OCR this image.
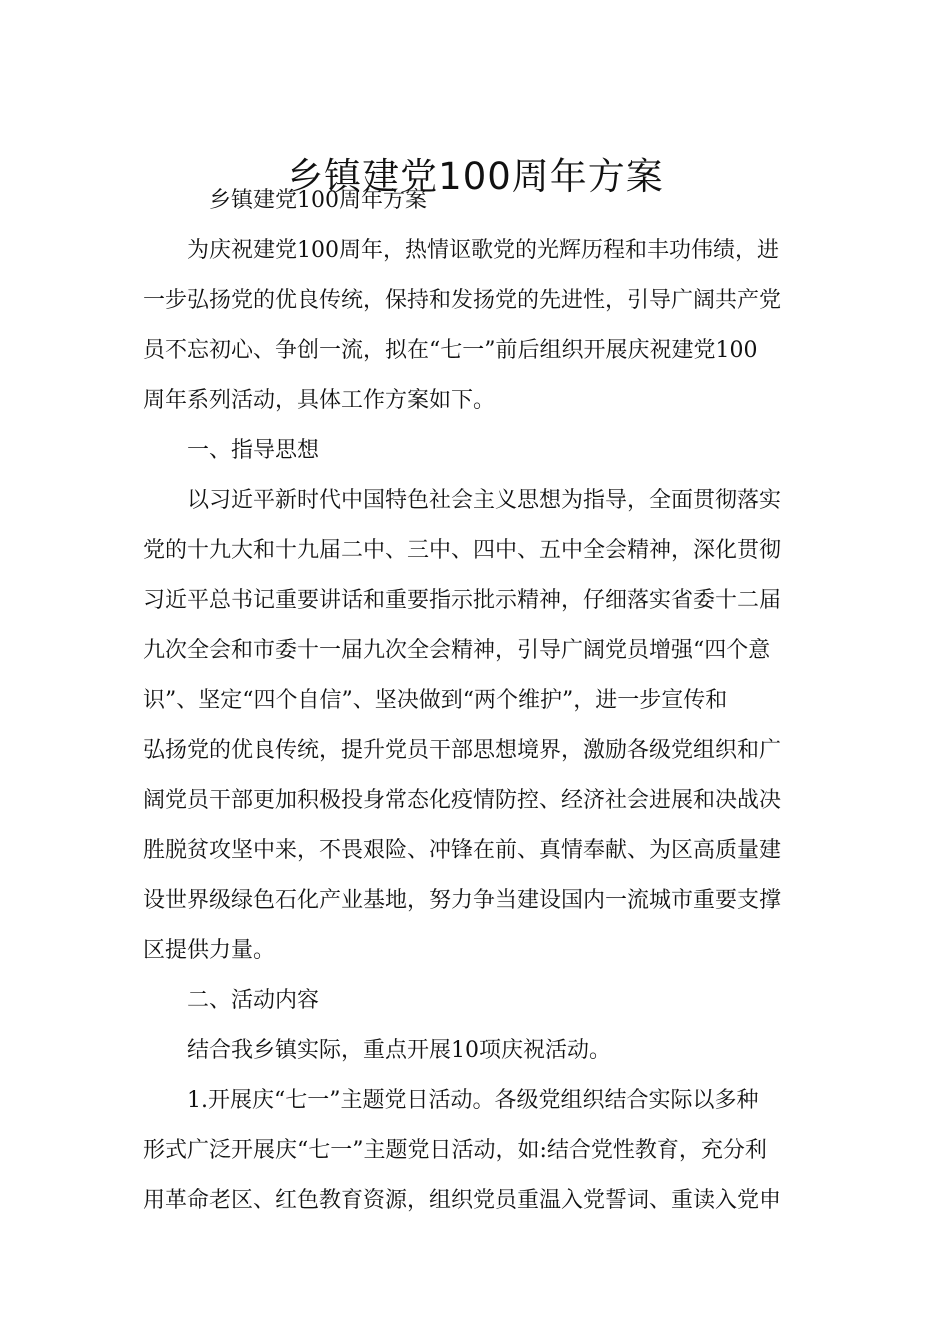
乡镇建党100周年方案
乡镇建党100周年方案
为庆祝建党100周年，热情讴歌党的光辉历程和丰功伟绩，进
一步弘扬党的优良传统，保持和发扬党的先进性，引导广阔共产党
员不忘初心、争创一流，拟在“七一”前后组织开展庆祝建党100
周年系列活动，具体工作方案如下。
一、指导思想
以习近平新时代中国特色社会主义思想为指导，全面贯彻落实
党的十九大和十九届二中、三中、四中、五中全会精神，深化贯彻
习近平总书记重要讲话和重要指示批示精神，仔细落实省委十二届
九次全会和市委十一届九次全会精神，引导广阔党员增强“四个意
识”、坚定“四个自信”、坚决做到“两个维护”，进一步宣传和
弘扬党的优良传统，提升党员干部思想境界，激励各级党组织和广
阔党员干部更加积极投身常态化疫情防控、经济社会进展和决战决
胜脱贫攻坚中来，不畏艰险、冲锋在前、真情奉献、为区高质量建
设世界级绿色石化产业基地，努力争当建设国内一流城市重要支撑
区提供力量。
二、活动内容
结合我乡镇实际，重点开展10项庆祝活动。
1.开展庆“七一”主题党日活动。各级党组织结合实际以多种
形式广泛开展庆“七一”主题党日活动，如:结合党性教育，充分利
用革命老区、红色教育资源，组织党员重温入党誓词、重读入党申
